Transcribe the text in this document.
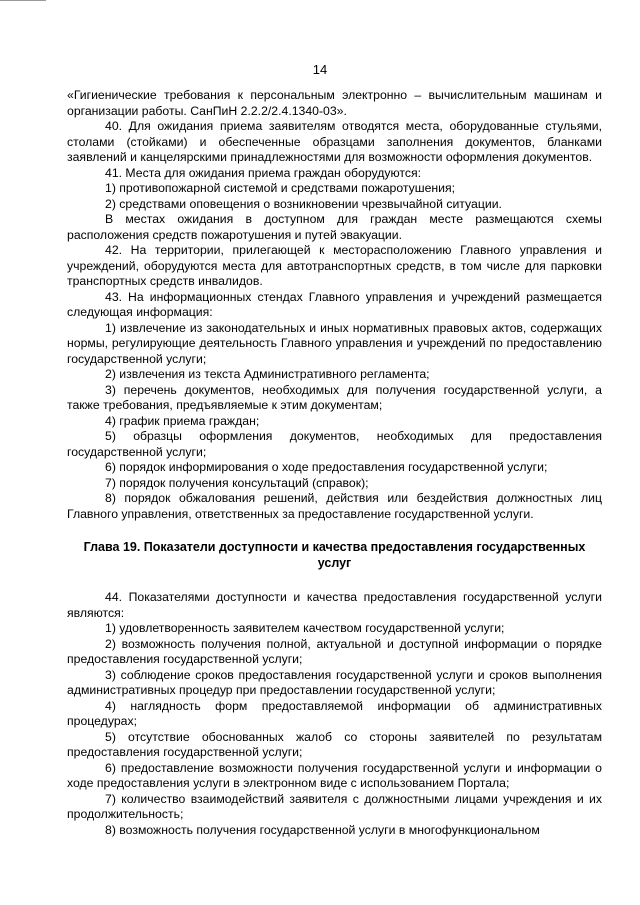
14

«Гигиенические требования к персональным электронно – вычислительным машинам и организации работы. СанПиН 2.2.2/2.4.1340-03».

40. Для ожидания приема заявителям отводятся места, оборудованные стульями, столами (стойками) и обеспеченные образцами заполнения документов, бланками заявлений и канцелярскими принадлежностями для возможности оформления документов.

41. Места для ожидания приема граждан оборудуются:

1) противопожарной системой и средствами пожаротушения;

2) средствами оповещения о возникновении чрезвычайной ситуации.

В местах ожидания в доступном для граждан месте размещаются схемы расположения средств пожаротушения и путей эвакуации.

42. На территории, прилегающей к месторасположению Главного управления и учреждений, оборудуются места для автотранспортных средств, в том числе для парковки транспортных средств инвалидов.

43. На информационных стендах Главного управления и учреждений размещается следующая информация:

1) извлечение из законодательных и иных нормативных правовых актов, содержащих нормы, регулирующие деятельность Главного управления и учреждений по предоставлению государственной услуги;

2) извлечения из текста Административного регламента;

3) перечень документов, необходимых для получения государственной услуги, а также требования, предъявляемые к этим документам;

4) график приема граждан;

5) образцы оформления документов, необходимых для предоставления государственной услуги;

6) порядок информирования о ходе предоставления государственной услуги;

7) порядок получения консультаций (справок);

8) порядок обжалования решений, действия или бездействия должностных лиц Главного управления, ответственных за предоставление государственной услуги.

Глава 19. Показатели доступности и качества предоставления государственных услуг

44. Показателями доступности и качества предоставления государственной услуги являются:

1) удовлетворенность заявителем качеством государственной услуги;

2) возможность получения полной, актуальной и доступной информации о порядке предоставления государственной услуги;

3) соблюдение сроков предоставления государственной услуги и сроков выполнения административных процедур при предоставлении государственной услуги;

4) наглядность форм предоставляемой информации об административных процедурах;

5) отсутствие обоснованных жалоб со стороны заявителей по результатам предоставления государственной услуги;

6) предоставление возможности получения государственной услуги и информации о ходе предоставления услуги в электронном виде с использованием Портала;

7) количество взаимодействий заявителя с должностными лицами учреждения и их продолжительность;

8) возможность получения государственной услуги в многофункциональном
